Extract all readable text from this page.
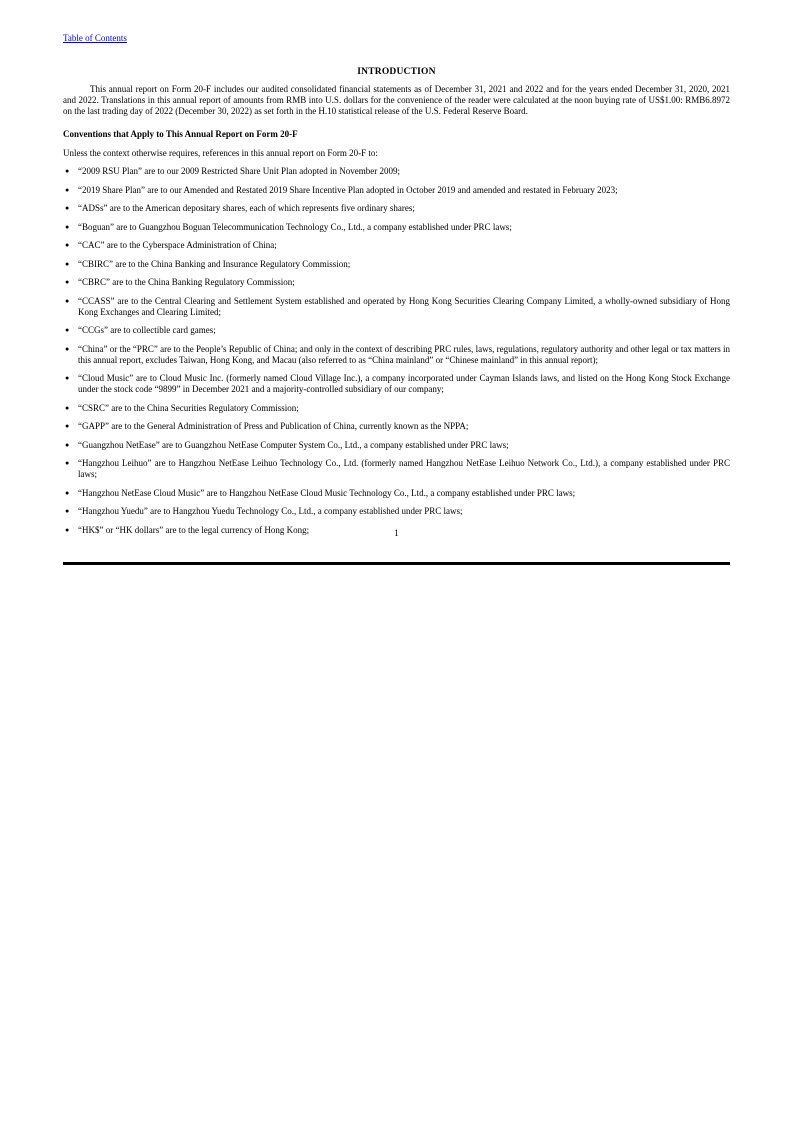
Table of Contents
INTRODUCTION

This annual report on Form 20-F includes our audited consolidated financial statements as of December 31, 2021 and 2022 and for the years ended December 31, 2020, 2021 and 2022. Translations in this annual report of amounts from RMB into U.S. dollars for the convenience of the reader were calculated at the noon buying rate of US$1.00: RMB6.8972 on the last trading day of 2022 (December 30, 2022) as set forth in the H.10 statistical release of the U.S. Federal Reserve Board.

Conventions that Apply to This Annual Report on Form 20-F

Unless the context otherwise requires, references in this annual report on Form 20-F to:

● “2009 RSU Plan” are to our 2009 Restricted Share Unit Plan adopted in November 2009;
● “2019 Share Plan” are to our Amended and Restated 2019 Share Incentive Plan adopted in October 2019 and amended and restated in February 2023;
● “ADSs” are to the American depositary shares, each of which represents five ordinary shares;
● “Boguan” are to Guangzhou Boguan Telecommunication Technology Co., Ltd., a company established under PRC laws;
● “CAC” are to the Cyberspace Administration of China;
● “CBIRC” are to the China Banking and Insurance Regulatory Commission;
● “CBRC” are to the China Banking Regulatory Commission;
● “CCASS” are to the Central Clearing and Settlement System established and operated by Hong Kong Securities Clearing Company Limited, a wholly-owned subsidiary of Hong Kong Exchanges and Clearing Limited;
● “CCGs” are to collectible card games;
● “China” or the “PRC” are to the People’s Republic of China; and only in the context of describing PRC rules, laws, regulations, regulatory authority and other legal or tax matters in this annual report, excludes Taiwan, Hong Kong, and Macau (also referred to as “China mainland” or “Chinese mainland” in this annual report);
● “Cloud Music” are to Cloud Music Inc. (formerly named Cloud Village Inc.), a company incorporated under Cayman Islands laws, and listed on the Hong Kong Stock Exchange under the stock code “9899” in December 2021 and a majority-controlled subsidiary of our company;
● “CSRC” are to the China Securities Regulatory Commission;
● “GAPP” are to the General Administration of Press and Publication of China, currently known as the NPPA;
● “Guangzhou NetEase” are to Guangzhou NetEase Computer System Co., Ltd., a company established under PRC laws;
● “Hangzhou Leihuo” are to Hangzhou NetEase Leihuo Technology Co., Ltd. (formerly named Hangzhou NetEase Leihuo Network Co., Ltd.), a company established under PRC laws;
● “Hangzhou NetEase Cloud Music” are to Hangzhou NetEase Cloud Music Technology Co., Ltd., a company established under PRC laws;
● “Hangzhou Yuedu” are to Hangzhou Yuedu Technology Co., Ltd., a company established under PRC laws;
● “HK$” or “HK dollars” are to the legal currency of Hong Kong;	1
